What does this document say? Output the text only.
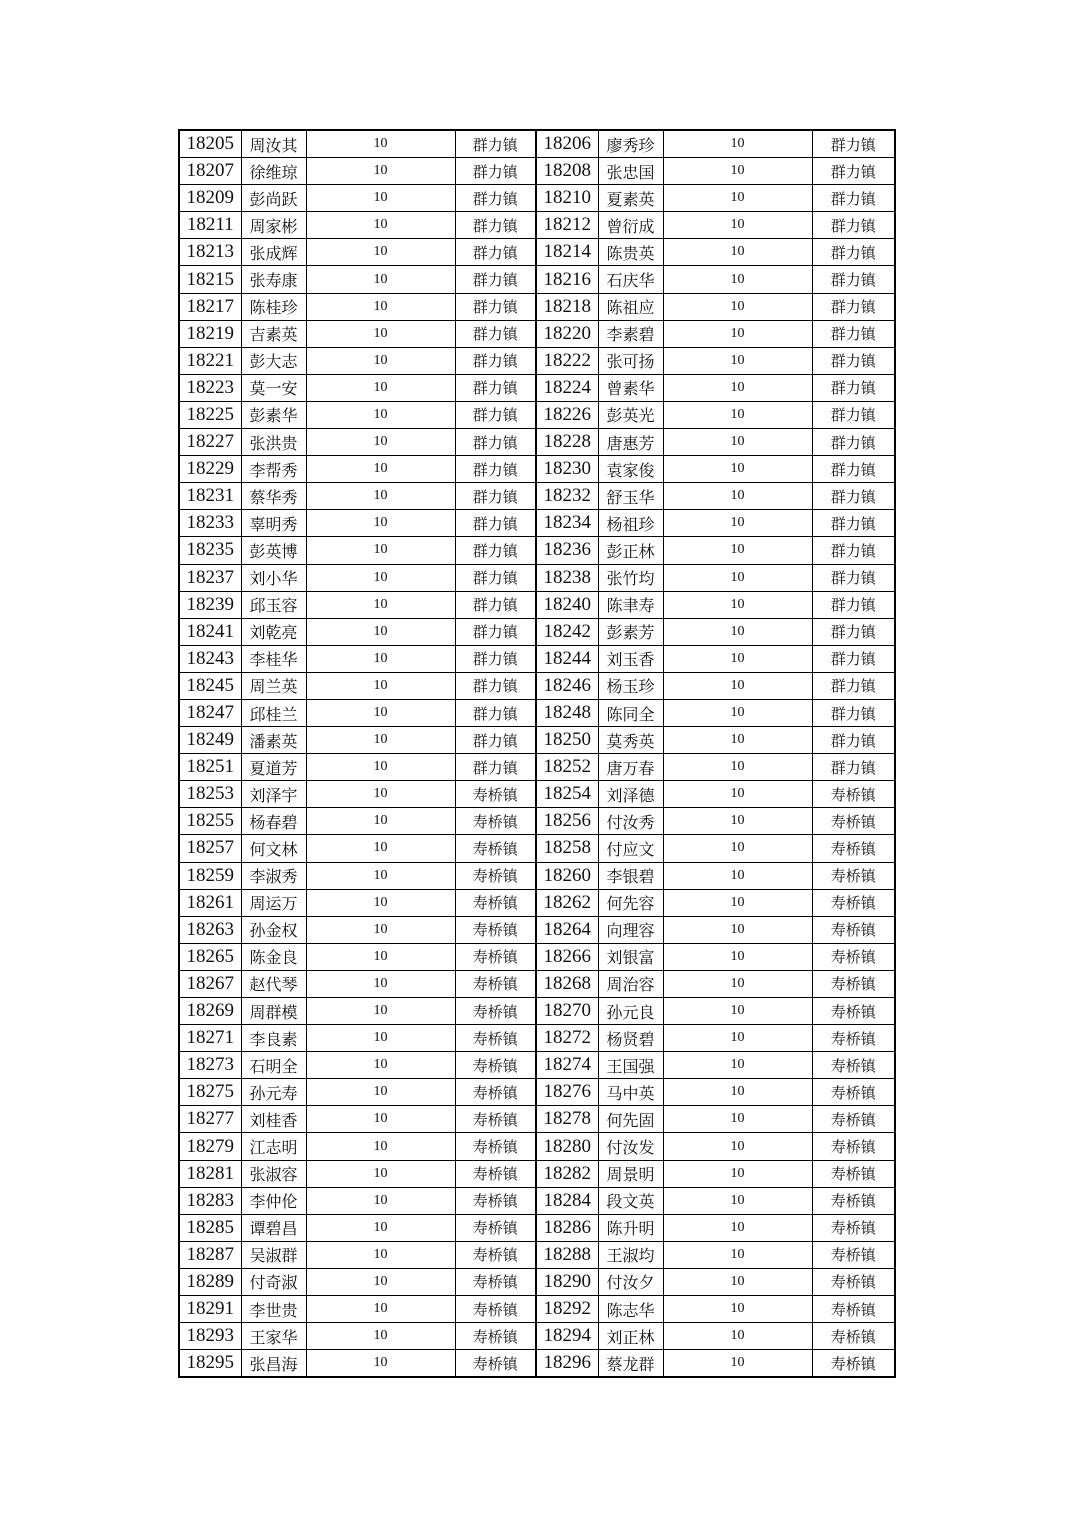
18205	周汝其	10	群力镇	18206	廖秀珍	10	群力镇
18207	徐维琼	10	群力镇	18208	张忠国	10	群力镇
18209	彭尚跃	10	群力镇	18210	夏素英	10	群力镇
18211	周家彬	10	群力镇	18212	曾衍成	10	群力镇
18213	张成辉	10	群力镇	18214	陈贵英	10	群力镇
18215	张寿康	10	群力镇	18216	石庆华	10	群力镇
18217	陈桂珍	10	群力镇	18218	陈祖应	10	群力镇
18219	吉素英	10	群力镇	18220	李素碧	10	群力镇
18221	彭大志	10	群力镇	18222	张可扬	10	群力镇
18223	莫一安	10	群力镇	18224	曾素华	10	群力镇
18225	彭素华	10	群力镇	18226	彭英光	10	群力镇
18227	张洪贵	10	群力镇	18228	唐惠芳	10	群力镇
18229	李帮秀	10	群力镇	18230	袁家俊	10	群力镇
18231	蔡华秀	10	群力镇	18232	舒玉华	10	群力镇
18233	辜明秀	10	群力镇	18234	杨祖珍	10	群力镇
18235	彭英博	10	群力镇	18236	彭正林	10	群力镇
18237	刘小华	10	群力镇	18238	张竹均	10	群力镇
18239	邱玉容	10	群力镇	18240	陈聿寿	10	群力镇
18241	刘乾亮	10	群力镇	18242	彭素芳	10	群力镇
18243	李桂华	10	群力镇	18244	刘玉香	10	群力镇
18245	周兰英	10	群力镇	18246	杨玉珍	10	群力镇
18247	邱桂兰	10	群力镇	18248	陈同全	10	群力镇
18249	潘素英	10	群力镇	18250	莫秀英	10	群力镇
18251	夏道芳	10	群力镇	18252	唐万春	10	群力镇
18253	刘泽宇	10	寿桥镇	18254	刘泽德	10	寿桥镇
18255	杨春碧	10	寿桥镇	18256	付汝秀	10	寿桥镇
18257	何文林	10	寿桥镇	18258	付应文	10	寿桥镇
18259	李淑秀	10	寿桥镇	18260	李银碧	10	寿桥镇
18261	周运万	10	寿桥镇	18262	何先容	10	寿桥镇
18263	孙金权	10	寿桥镇	18264	向理容	10	寿桥镇
18265	陈金良	10	寿桥镇	18266	刘银富	10	寿桥镇
18267	赵代琴	10	寿桥镇	18268	周治容	10	寿桥镇
18269	周群模	10	寿桥镇	18270	孙元良	10	寿桥镇
18271	李良素	10	寿桥镇	18272	杨贤碧	10	寿桥镇
18273	石明全	10	寿桥镇	18274	王国强	10	寿桥镇
18275	孙元寿	10	寿桥镇	18276	马中英	10	寿桥镇
18277	刘桂香	10	寿桥镇	18278	何先固	10	寿桥镇
18279	江志明	10	寿桥镇	18280	付汝发	10	寿桥镇
18281	张淑容	10	寿桥镇	18282	周景明	10	寿桥镇
18283	李仲伦	10	寿桥镇	18284	段文英	10	寿桥镇
18285	谭碧昌	10	寿桥镇	18286	陈升明	10	寿桥镇
18287	吴淑群	10	寿桥镇	18288	王淑均	10	寿桥镇
18289	付奇淑	10	寿桥镇	18290	付汝夕	10	寿桥镇
18291	李世贵	10	寿桥镇	18292	陈志华	10	寿桥镇
18293	王家华	10	寿桥镇	18294	刘正林	10	寿桥镇
18295	张昌海	10	寿桥镇	18296	蔡龙群	10	寿桥镇
